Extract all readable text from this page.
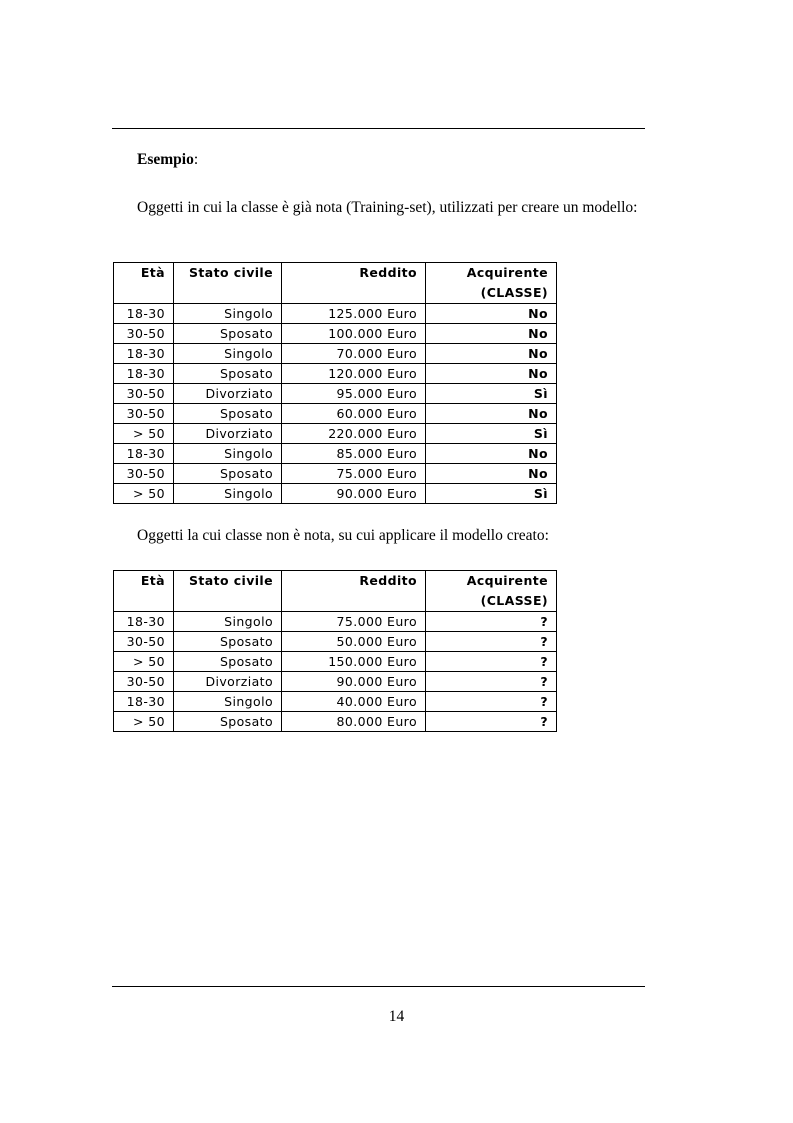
Esempio:
Oggetti in cui la classe è già nota (Training-set), utilizzati per creare un modello:
Età	Stato civile	Reddito	Acquirente
(CLASSE)
18-30	Singolo	125.000 Euro	No
30-50	Sposato	100.000 Euro	No
18-30	Singolo	70.000 Euro	No
18-30	Sposato	120.000 Euro	No
30-50	Divorziato	95.000 Euro	Sì
30-50	Sposato	60.000 Euro	No
> 50	Divorziato	220.000 Euro	Sì
18-30	Singolo	85.000 Euro	No
30-50	Sposato	75.000 Euro	No
> 50	Singolo	90.000 Euro	Sì
Oggetti la cui classe non è nota, su cui applicare il modello creato:
Età	Stato civile	Reddito	Acquirente
(CLASSE)
18-30	Singolo	75.000 Euro	?
30-50	Sposato	50.000 Euro	?
> 50	Sposato	150.000 Euro	?
30-50	Divorziato	90.000 Euro	?
18-30	Singolo	40.000 Euro	?
> 50	Sposato	80.000 Euro	?
14
